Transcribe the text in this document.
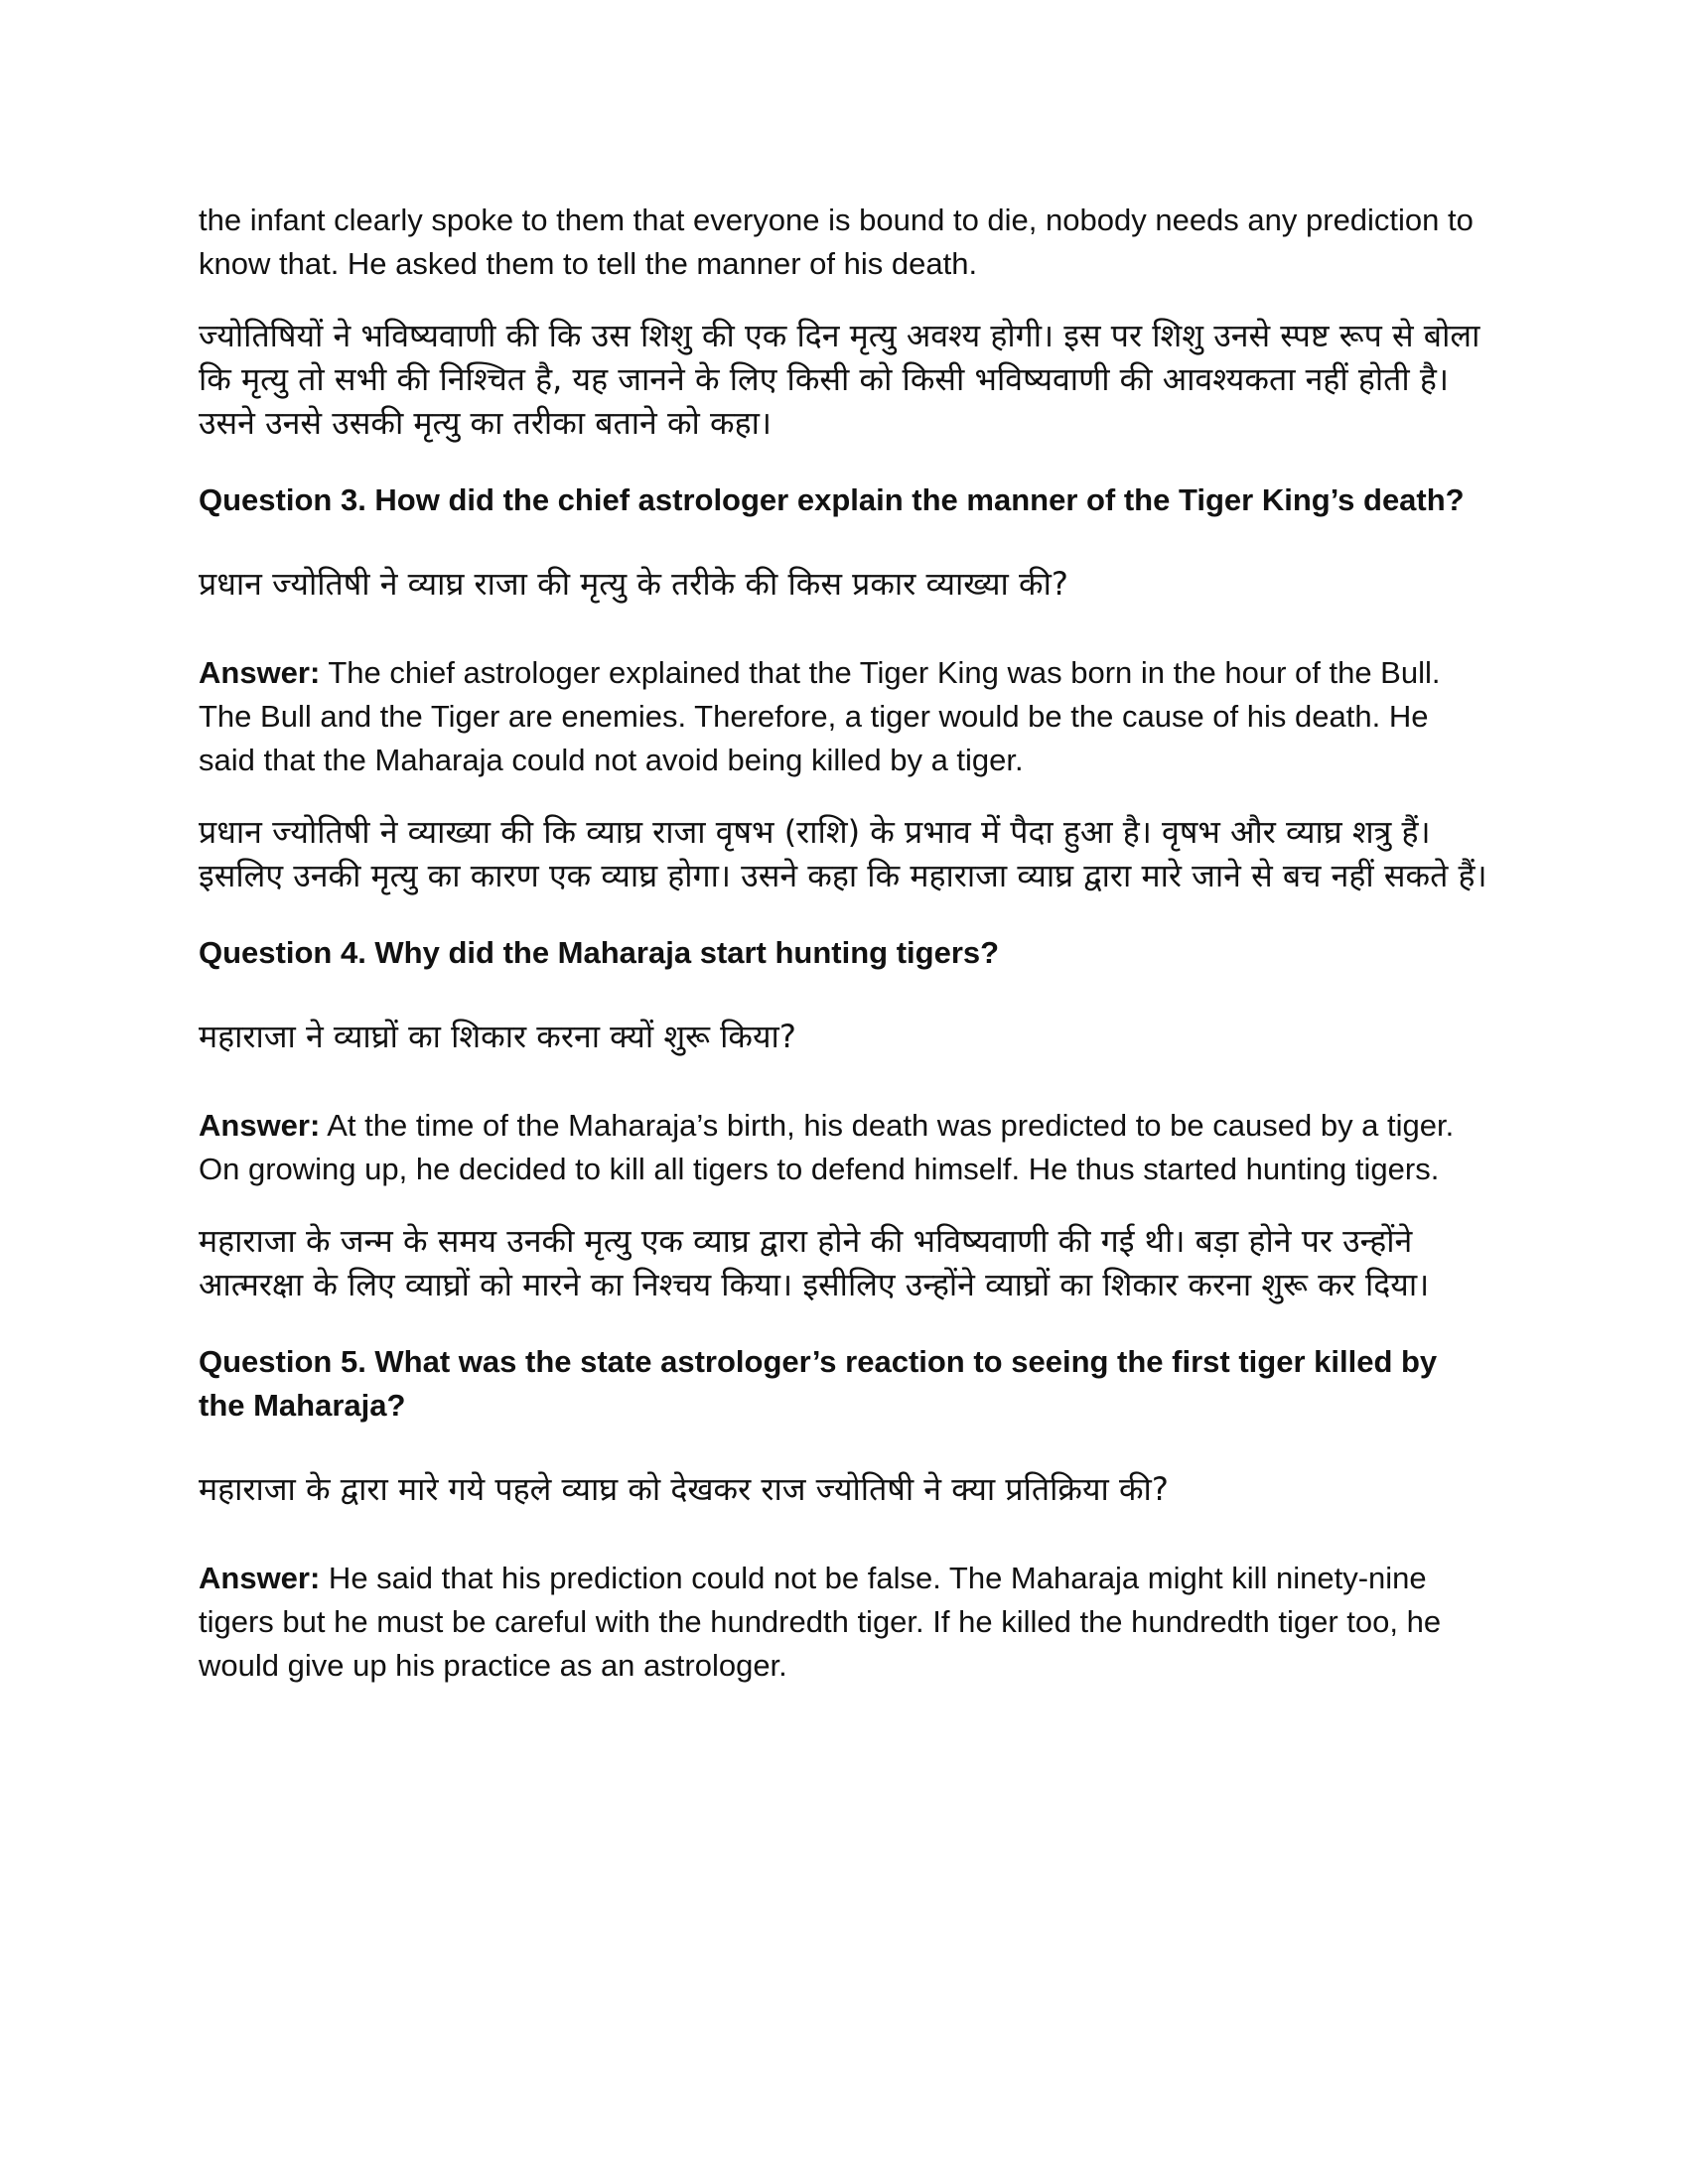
the infant clearly spoke to them that everyone is bound to die, nobody needs any prediction to know that. He asked them to tell the manner of his death.

ज्योतिषियों ने भविष्यवाणी की कि उस शिशु की एक दिन मृत्यु अवश्य होगी। इस पर शिशु उनसे स्पष्ट रूप से बोला कि मृत्यु तो सभी की निश्चित है, यह जानने के लिए किसी को किसी भविष्यवाणी की आवश्यकता नहीं होती है। उसने उनसे उसकी मृत्यु का तरीका बताने को कहा।

Question 3. How did the chief astrologer explain the manner of the Tiger King’s death?

प्रधान ज्योतिषी ने व्याघ्र राजा की मृत्यु के तरीके की किस प्रकार व्याख्या की?

Answer: The chief astrologer explained that the Tiger King was born in the hour of the Bull. The Bull and the Tiger are enemies. Therefore, a tiger would be the cause of his death. He said that the Maharaja could not avoid being killed by a tiger.

प्रधान ज्योतिषी ने व्याख्या की कि व्याघ्र राजा वृषभ (राशि) के प्रभाव में पैदा हुआ है। वृषभ और व्याघ्र शत्रु हैं। इसलिए उनकी मृत्यु का कारण एक व्याघ्र होगा। उसने कहा कि महाराजा व्याघ्र द्वारा मारे जाने से बच नहीं सकते हैं।

Question 4. Why did the Maharaja start hunting tigers?

महाराजा ने व्याघ्रों का शिकार करना क्यों शुरू किया?

Answer: At the time of the Maharaja’s birth, his death was predicted to be caused by a tiger. On growing up, he decided to kill all tigers to defend himself. He thus started hunting tigers.

महाराजा के जन्म के समय उनकी मृत्यु एक व्याघ्र द्वारा होने की भविष्यवाणी की गई थी। बड़ा होने पर उन्होंने आत्मरक्षा के लिए व्याघ्रों को मारने का निश्चय किया। इसीलिए उन्होंने व्याघ्रों का शिकार करना शुरू कर दिया।

Question 5. What was the state astrologer’s reaction to seeing the first tiger killed by the Maharaja?

महाराजा के द्वारा मारे गये पहले व्याघ्र को देखकर राज ज्योतिषी ने क्या प्रतिक्रिया की?

Answer: He said that his prediction could not be false. The Maharaja might kill ninety-nine tigers but he must be careful with the hundredth tiger. If he killed the hundredth tiger too, he would give up his practice as an astrologer.
